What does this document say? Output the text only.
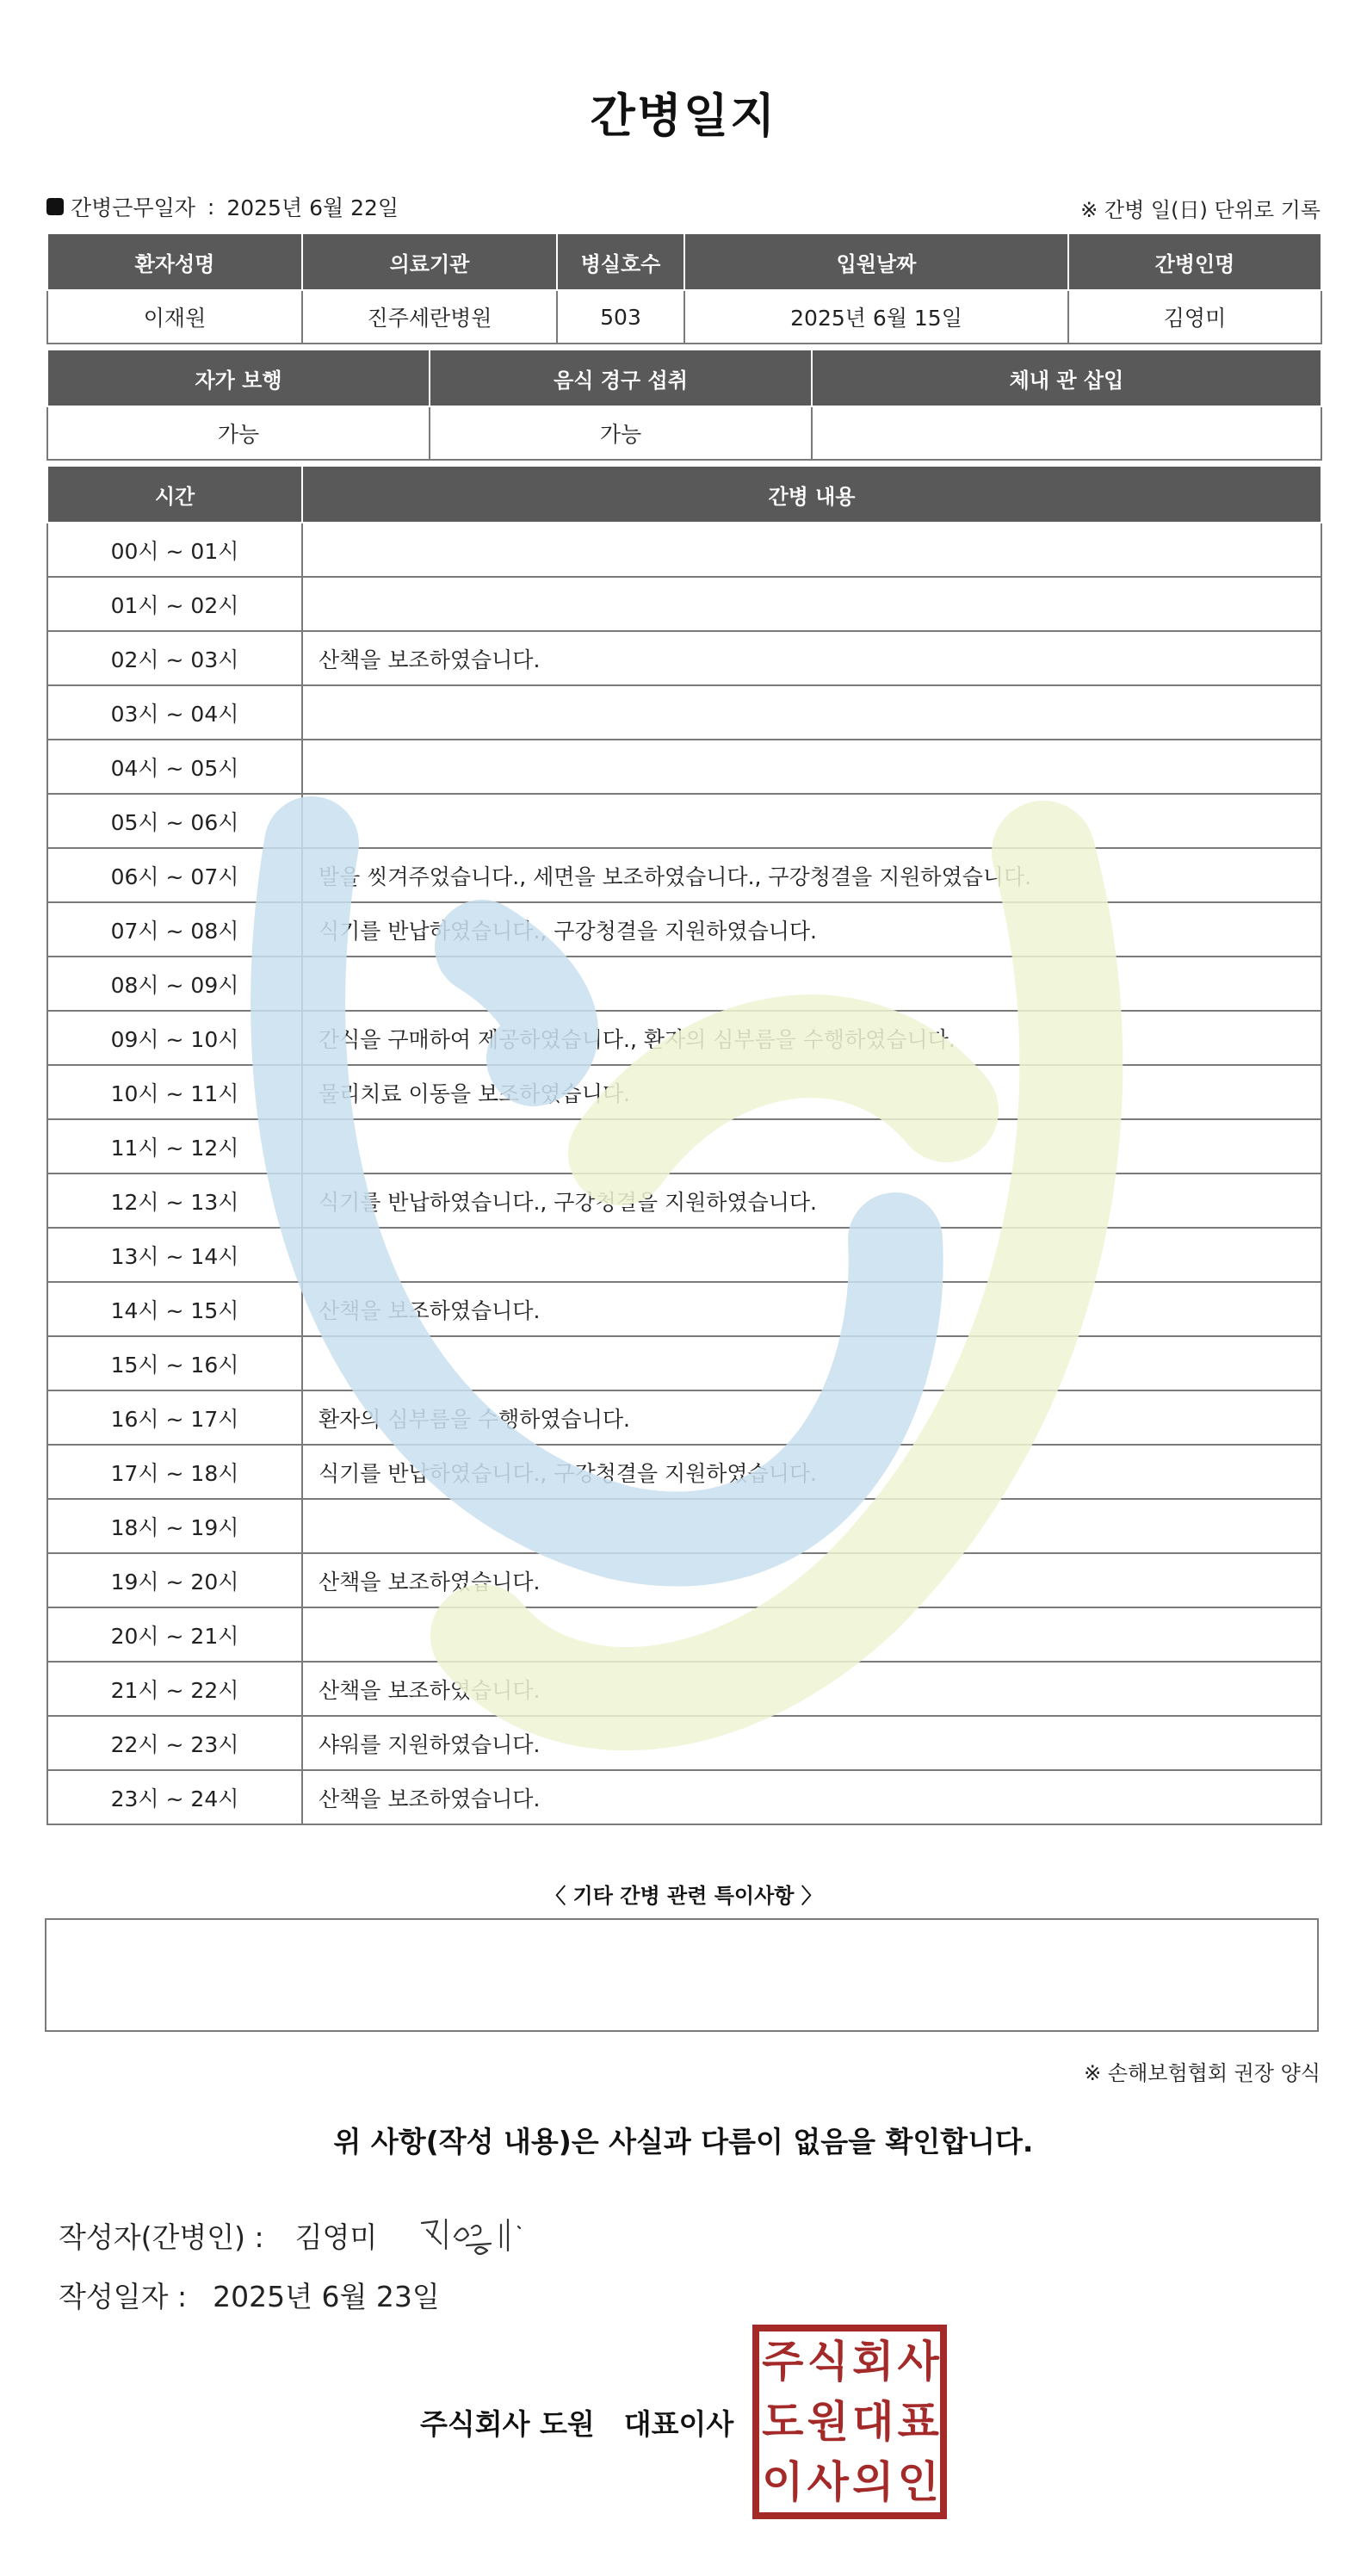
간병일지
간병근무일자 : 2025년 6월 22일	※ 간병 일(日) 단위로 기록
환자성명	의료기관	병실호수	입원날짜	간병인명
이재원	진주세란병원	503	2025년 6월 15일	김영미
자가 보행	음식 경구 섭취	체내 관 삽입
가능	가능	
시간	간병 내용
00시 ~ 01시	
01시 ~ 02시	
02시 ~ 03시	산책을 보조하였습니다.
03시 ~ 04시	
04시 ~ 05시	
05시 ~ 06시	
06시 ~ 07시	발을 씻겨주었습니다., 세면을 보조하였습니다., 구강청결을 지원하였습니다.
07시 ~ 08시	식기를 반납하였습니다., 구강청결을 지원하였습니다.
08시 ~ 09시	
09시 ~ 10시	간식을 구매하여 제공하였습니다., 환자의 심부름을 수행하였습니다.
10시 ~ 11시	물리치료 이동을 보조하였습니다.
11시 ~ 12시	
12시 ~ 13시	식기를 반납하였습니다., 구강청결을 지원하였습니다.
13시 ~ 14시	
14시 ~ 15시	산책을 보조하였습니다.
15시 ~ 16시	
16시 ~ 17시	환자의 심부름을 수행하였습니다.
17시 ~ 18시	식기를 반납하였습니다., 구강청결을 지원하였습니다.
18시 ~ 19시	
19시 ~ 20시	산책을 보조하였습니다.
20시 ~ 21시	
21시 ~ 22시	산책을 보조하였습니다.
22시 ~ 23시	샤워를 지원하였습니다.
23시 ~ 24시	산책을 보조하였습니다.
〈 기타 간병 관련 특이사항 〉
※ 손해보험협회 권장 양식
위 사항(작성 내용)은 사실과 다름이 없음을 확인합니다.
작성자(간병인) : 김영미
작성일자 : 2025년 6월 23일
주식회사 도원 대표이사
주 식 회 사
도 원 대 표
이 사 의 인
